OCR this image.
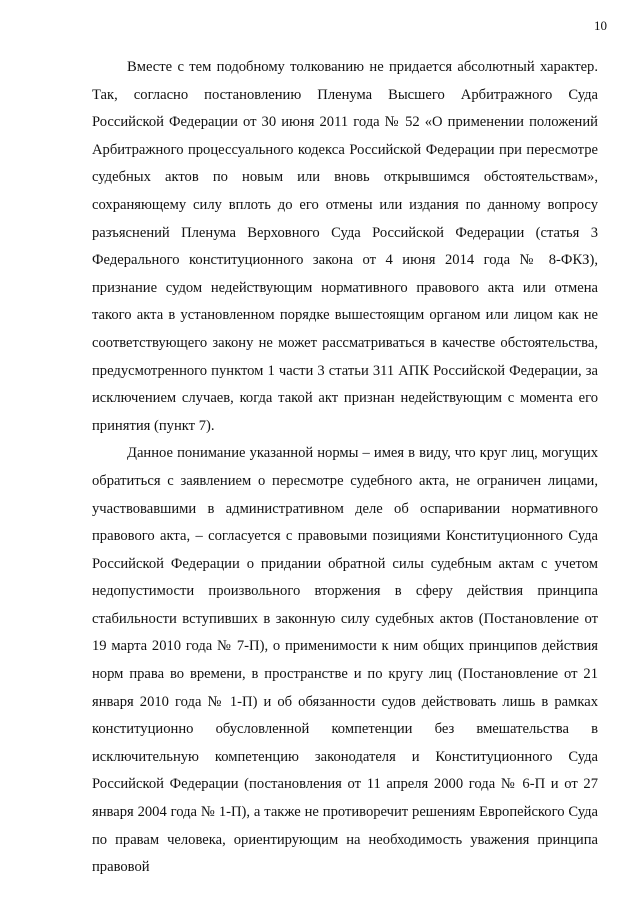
10

Вместе с тем подобному толкованию не придается абсолютный характер. Так, согласно постановлению Пленума Высшего Арбитражного Суда Российской Федерации от 30 июня 2011 года № 52 «О применении положений Арбитражного процессуального кодекса Российской Федерации при пересмотре судебных актов по новым или вновь открывшимся обстоятельствам», сохраняющему силу вплоть до его отмены или издания по данному вопросу разъяснений Пленума Верховного Суда Российской Федерации (статья 3 Федерального конституционного закона от 4 июня 2014 года № 8-ФКЗ), признание судом недействующим нормативного правового акта или отмена такого акта в установленном порядке вышестоящим органом или лицом как не соответствующего закону не может рассматриваться в качестве обстоятельства, предусмотренного пунктом 1 части 3 статьи 311 АПК Российской Федерации, за исключением случаев, когда такой акт признан недействующим с момента его принятия (пункт 7).

Данное понимание указанной нормы – имея в виду, что круг лиц, могущих обратиться с заявлением о пересмотре судебного акта, не ограничен лицами, участвовавшими в административном деле об оспаривании нормативного правового акта, – согласуется с правовыми позициями Конституционного Суда Российской Федерации о придании обратной силы судебным актам с учетом недопустимости произвольного вторжения в сферу действия принципа стабильности вступивших в законную силу судебных актов (Постановление от 19 марта 2010 года № 7-П), о применимости к ним общих принципов действия норм права во времени, в пространстве и по кругу лиц (Постановление от 21 января 2010 года № 1-П) и об обязанности судов действовать лишь в рамках конституционно обусловленной компетенции без вмешательства в исключительную компетенцию законодателя и Конституционного Суда Российской Федерации (постановления от 11 апреля 2000 года № 6-П и от 27 января 2004 года № 1-П), а также не противоречит решениям Европейского Суда по правам человека, ориентирующим на необходимость уважения принципа правовой
